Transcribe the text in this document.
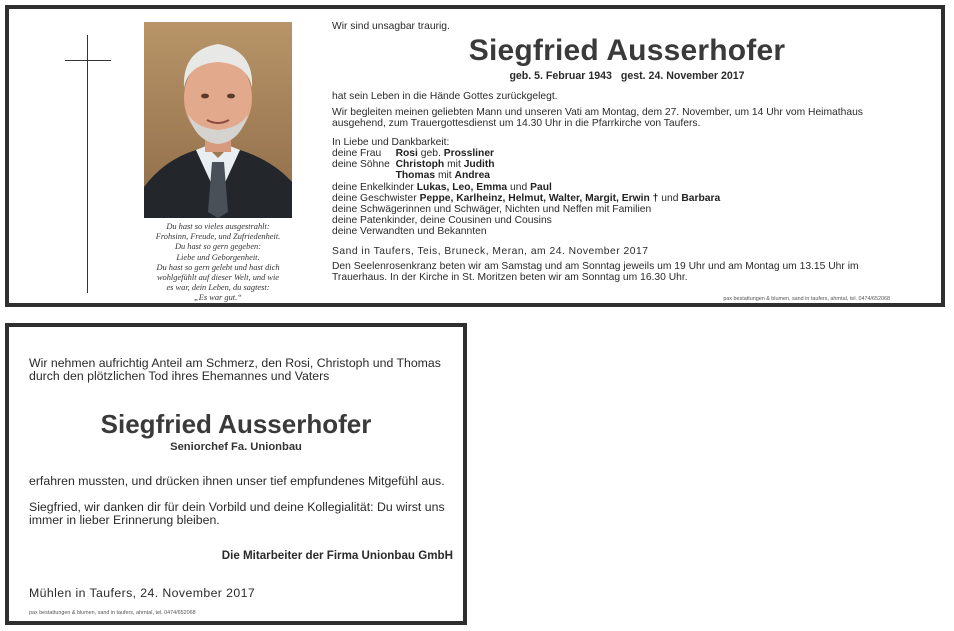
Du hast so vieles ausgestrahlt:
Frohsinn, Freude, und Zufriedenheit.
Du hast so gern gegeben:
Liebe und Geborgenheit.
Du hast so gern gelebt und hast dich
wohlgefühlt auf dieser Welt, und wie
es war, dein Leben, du sagtest:
„Es war gut.“
Wir sind unsagbar traurig.
Siegfried Ausserhofer
geb. 5. Februar 1943 gest. 24. November 2017
hat sein Leben in die Hände Gottes zurückgelegt.
Wir begleiten meinen geliebten Mann und unseren Vati am Montag, dem 27. November, um 14 Uhr vom Heimathaus
ausgehend, zum Trauergottesdienst um 14.30 Uhr in die Pfarrkirche von Taufers.
In Liebe und Dankbarkeit:
deine Frau	Rosi geb. Prossliner
deine Söhne	Christoph mit Judith
	Thomas mit Andrea
deine Enkelkinder Lukas, Leo, Emma und Paul
deine Geschwister Peppe, Karlheinz, Helmut, Walter, Margit, Erwin † und Barbara
deine Schwägerinnen und Schwäger, Nichten und Neffen mit Familien
deine Patenkinder, deine Cousinen und Cousins
deine Verwandten und Bekannten
Sand in Taufers, Teis, Bruneck, Meran, am 24. November 2017
Den Seelenrosenkranz beten wir am Samstag und am Sonntag jeweils um 19 Uhr und am Montag um 13.15 Uhr im
Trauerhaus. In der Kirche in St. Moritzen beten wir am Sonntag um 16.30 Uhr.
pax bestattungen & blumen, sand in taufers, ahrntal, tel. 0474/652068
Wir nehmen aufrichtig Anteil am Schmerz, den Rosi, Christoph und Thomas
durch den plötzlichen Tod ihres Ehemannes und Vaters
Siegfried Ausserhofer
Seniorchef Fa. Unionbau
erfahren mussten, und drücken ihnen unser tief empfundenes Mitgefühl aus.
Siegfried, wir danken dir für dein Vorbild und deine Kollegialität: Du wirst uns
immer in lieber Erinnerung bleiben.
Die Mitarbeiter der Firma Unionbau GmbH
Mühlen in Taufers, 24. November 2017
pax bestattungen & blumen, sand in taufers, ahrntal, tel. 0474/652068
